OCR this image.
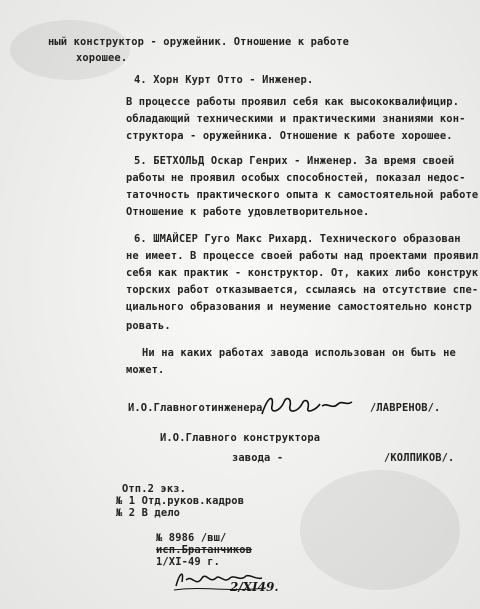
ный конструктор - оружейник. Отношение к работе
хорошее.
4. Хорн Курт Отто - Инженер.
В процессе работы проявил себя как высококвалифицир.
обладающий техническими и практическими знаниями кон-
структора - оружейника. Отношение к работе хорошее.
5. БЕТХОЛЬД Оскар Генрих - Инженер. За время своей
работы не проявил особых способностей, показал недос-
таточность практического опыта к самостоятельной работе
Отношение к работе удовлетворительное.
6. ШМАЙСЕР Гуго Макс Рихард. Технического образован
не имеет. В процессе своей работы над проектами проявил
себя как практик - конструктор. От, каких либо конструк
торских работ отказывается, ссылаясь на отсутствие спе-
циального образования и неумение самостоятельно констр
ровать.
Ни на каких работах завода использован он быть не
может.
И.О.Главноготинженера	/ЛАВРЕНОВ/.
И.О.Главного конструктора
завода -	/КОЛПИКОВ/.
Отп.2 экз.
№ 1 Отд.руков.кадров
№ 2 В дело
№ 8986 /вш/
исп.Братанчиков
1/XI-49 г.
2/XI49.
